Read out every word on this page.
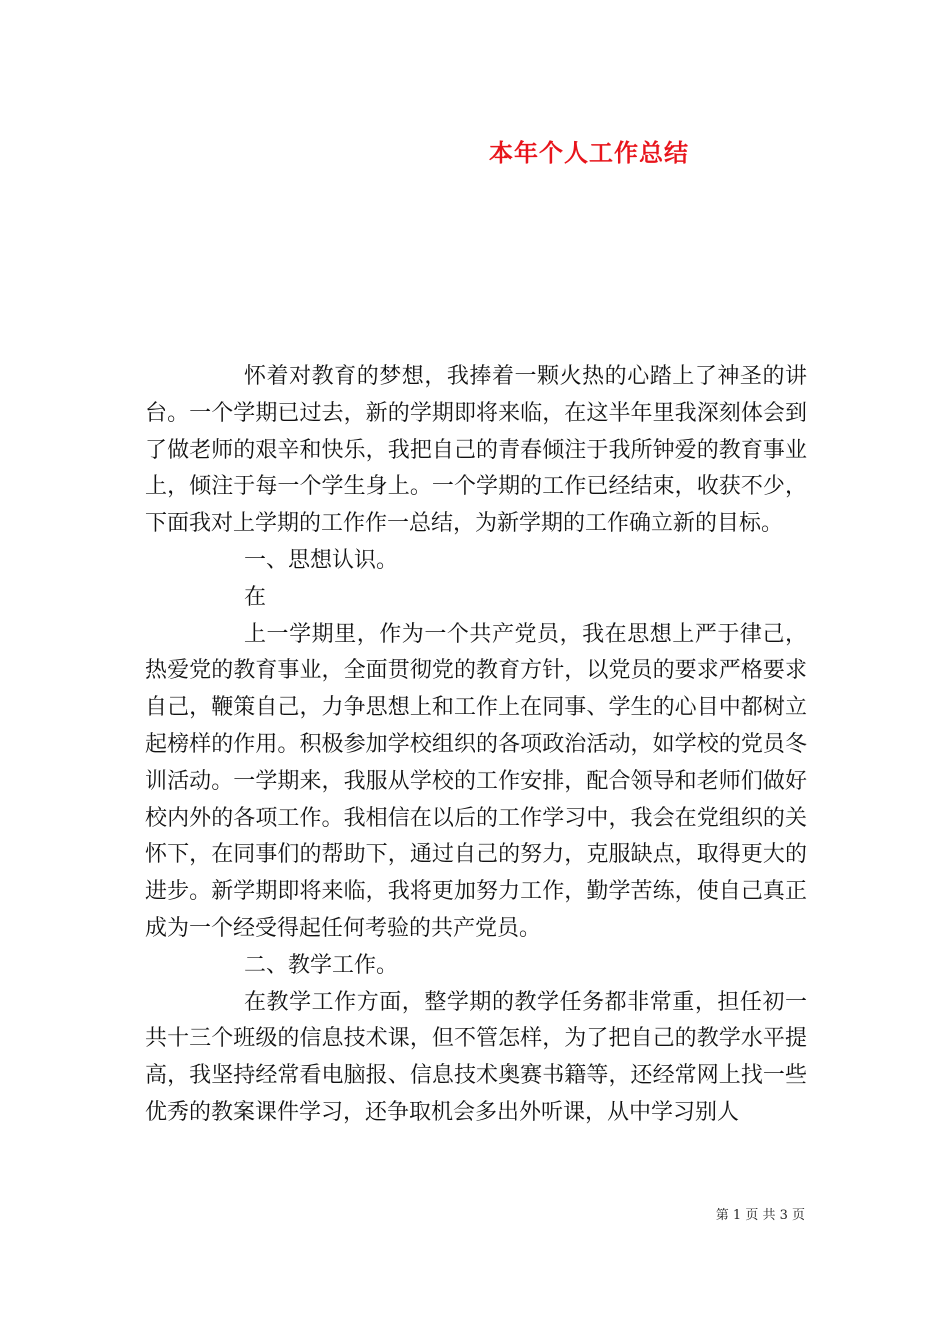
本年个人工作总结

怀着对教育的梦想，我捧着一颗火热的心踏上了神圣的讲台。一个学期已过去，新的学期即将来临，在这半年里我深刻体会到了做老师的艰辛和快乐，我把自己的青春倾注于我所钟爱的教育事业上，倾注于每一个学生身上。一个学期的工作已经结束，收获不少，下面我对上学期的工作作一总结，为新学期的工作确立新的目标。

一、思想认识。

在

上一学期里，作为一个共产党员，我在思想上严于律己，热爱党的教育事业，全面贯彻党的教育方针，以党员的要求严格要求自己，鞭策自己，力争思想上和工作上在同事、学生的心目中都树立起榜样的作用。积极参加学校组织的各项政治活动，如学校的党员冬训活动。一学期来，我服从学校的工作安排，配合领导和老师们做好校内外的各项工作。我相信在以后的工作学习中，我会在党组织的关怀下，在同事们的帮助下，通过自己的努力，克服缺点，取得更大的进步。新学期即将来临，我将更加努力工作，勤学苦练，使自己真正成为一个经受得起任何考验的共产党员。

二、教学工作。

在教学工作方面，整学期的教学任务都非常重，担任初一共十三个班级的信息技术课，但不管怎样，为了把自己的教学水平提高，我坚持经常看电脑报、信息技术奥赛书籍等，还经常网上找一些优秀的教案课件学习，还争取机会多出外听课，从中学习别人

第 1 页 共 3 页
